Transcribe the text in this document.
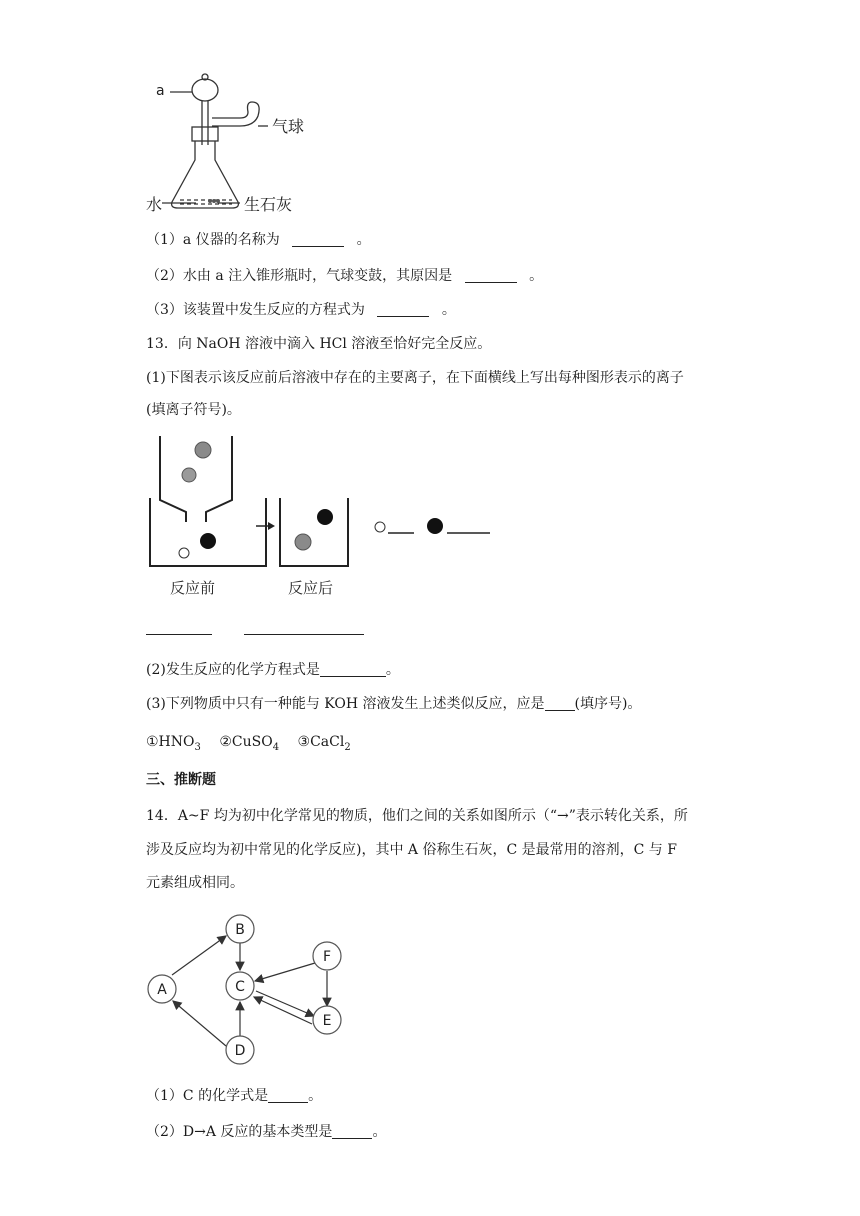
a
气球
水	生石灰
（1）a 仪器的名称为	。
（2）水由 a 注入锥形瓶时，气球变鼓，其原因是	。
（3）该装置中发生反应的方程式为	。
13．向 NaOH 溶液中滴入 HCl 溶液至恰好完全反应。
(1)下图表示该反应前后溶液中存在的主要离子，在下面横线上写出每种图形表示的离子
(填离子符号)。
反应前	反应后
(2)发生反应的化学方程式是	。
(3)下列物质中只有一种能与 KOH 溶液发生上述类似反应，应是 (填序号)。
$①HNO_3$ ②CuSO$_4$ ③CaCl$_2$
三、推断题
14．A~F 均为初中化学常见的物质，他们之间的关系如图所示（“→”表示转化关系，所
涉及反应均为初中常见的化学反应)，其中 A 俗称生石灰，C 是最常用的溶剂，C 与 F
元素组成相同。
A
B
C
D
E
F
（1）C 的化学式是	。
（2）D→A 反应的基本类型是	。
